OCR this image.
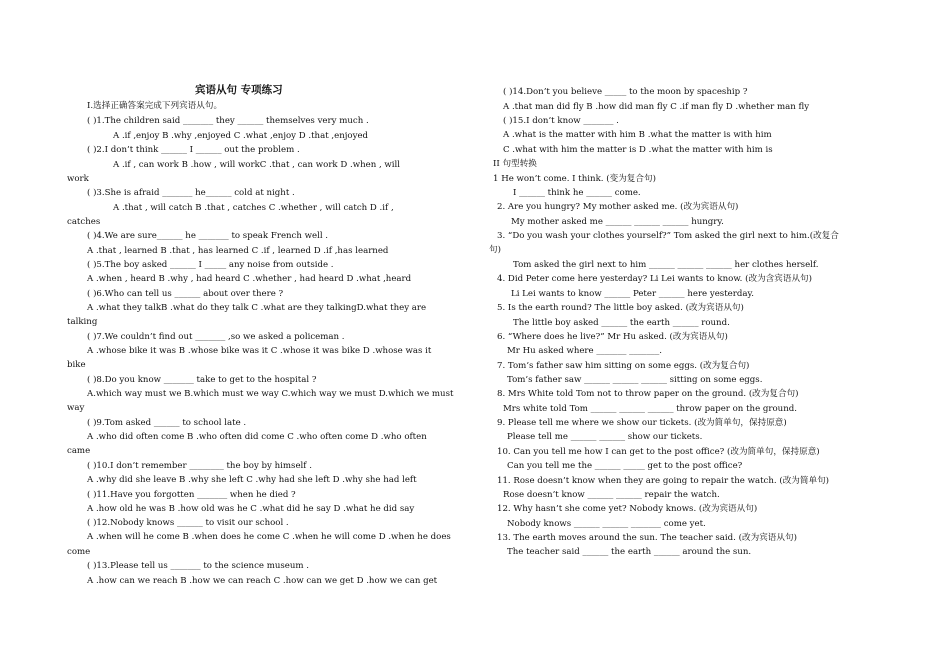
宾语从句 专项练习
Ⅰ.选择正确答案完成下列宾语从句。
( )1.The children said _______ they ______ themselves very much .
A .if ,enjoy B .why ,enjoyed C .what ,enjoy D .that ,enjoyed
( )2.I don’t think ______ I ______ out the problem .
A .if , can work B .how , will workC .that , can work D .when , will
work
( )3.She is afraid _______ he______ cold at night .
A .that , will catch B .that , catches C .whether , will catch D .if ,
catches
( )4.We are sure______ he _______ to speak French well .
A .that , learned B .that , has learned C .if , learned D .if ,has learned
( )5.The boy asked ______ I _____ any noise from outside .
A .when , heard B .why , had heard C .whether , had heard D .what ,heard
( )6.Who can tell us ______ about over there ?
A .what they talkB .what do they talk C .what are they talkingD.what they are
talking
( )7.We couldn’t find out _______ ,so we asked a policeman .
A .whose bike it was B .whose bike was it C .whose it was bike D .whose was it
bike
( )8.Do you know _______ take to get to the hospital ?
A.which way must we B.which must we way C.which way we must D.which we must
way
( )9.Tom asked ______ to school late .
A .who did often come B .who often did come C .who often come D .who often
came
( )10.I don’t remember ________ the boy by himself .
A .why did she leave B .why she left C .why had she left D .why she had left
( )11.Have you forgotten _______ when he died ?
A .how old he was B .how old was he C .what did he say D .what he did say
( )12.Nobody knows ______ to visit our school .
A .when will he come B .when does he come C .when he will come D .when he does
come
( )13.Please tell us _______ to the science museum .
A .how can we reach B .how we can reach C .how can we get D .how we can get
( )14.Don’t you believe _____ to the moon by spaceship ?
A .that man did fly B .how did man fly C .if man fly D .whether man fly
( )15.I don’t know _______ .
A .what is the matter with him B .what the matter is with him
C .what with him the matter is D .what the matter with him is
II 句型转换
1 He won’t come. I think. (变为复合句)
I ______ think he ______ come.
2. Are you hungry? My mother asked me. (改为宾语从句)
My mother asked me ______ ______ ______ hungry.
3. “Do you wash your clothes yourself?” Tom asked the girl next to him.(改复合
句)
Tom asked the girl next to him ______ ______ ______ her clothes herself.
4. Did Peter come here yesterday? Li Lei wants to know. (改为含宾语从句)
Li Lei wants to know ______ Peter ______ here yesterday.
5. Is the earth round? The little boy asked. (改为宾语从句)
The little boy asked ______ the earth ______ round.
6. “Where does he live?” Mr Hu asked. (改为宾语从句)
Mr Hu asked where _______ _______.
7. Tom’s father saw him sitting on some eggs. (改为复合句)
Tom’s father saw ______ ______ ______ sitting on some eggs.
8. Mrs White told Tom not to throw paper on the ground. (改为复合句)
Mrs white told Tom ______ ______ ______ throw paper on the ground.
9. Please tell me where we show our tickets. (改为简单句，保持原意)
Please tell me ______ ______ show our tickets.
10. Can you tell me how I can get to the post office? (改为简单句，保持原意)
Can you tell me the ______ _____ get to the post office?
11. Rose doesn’t know when they are going to repair the watch. (改为简单句)
Rose doesn’t know ______ ______ repair the watch.
12. Why hasn’t she come yet? Nobody knows. (改为宾语从句)
Nobody knows ______ ______ _______ come yet.
13. The earth moves around the sun. The teacher said. (改为宾语从句)
The teacher said ______ the earth ______ around the sun.
